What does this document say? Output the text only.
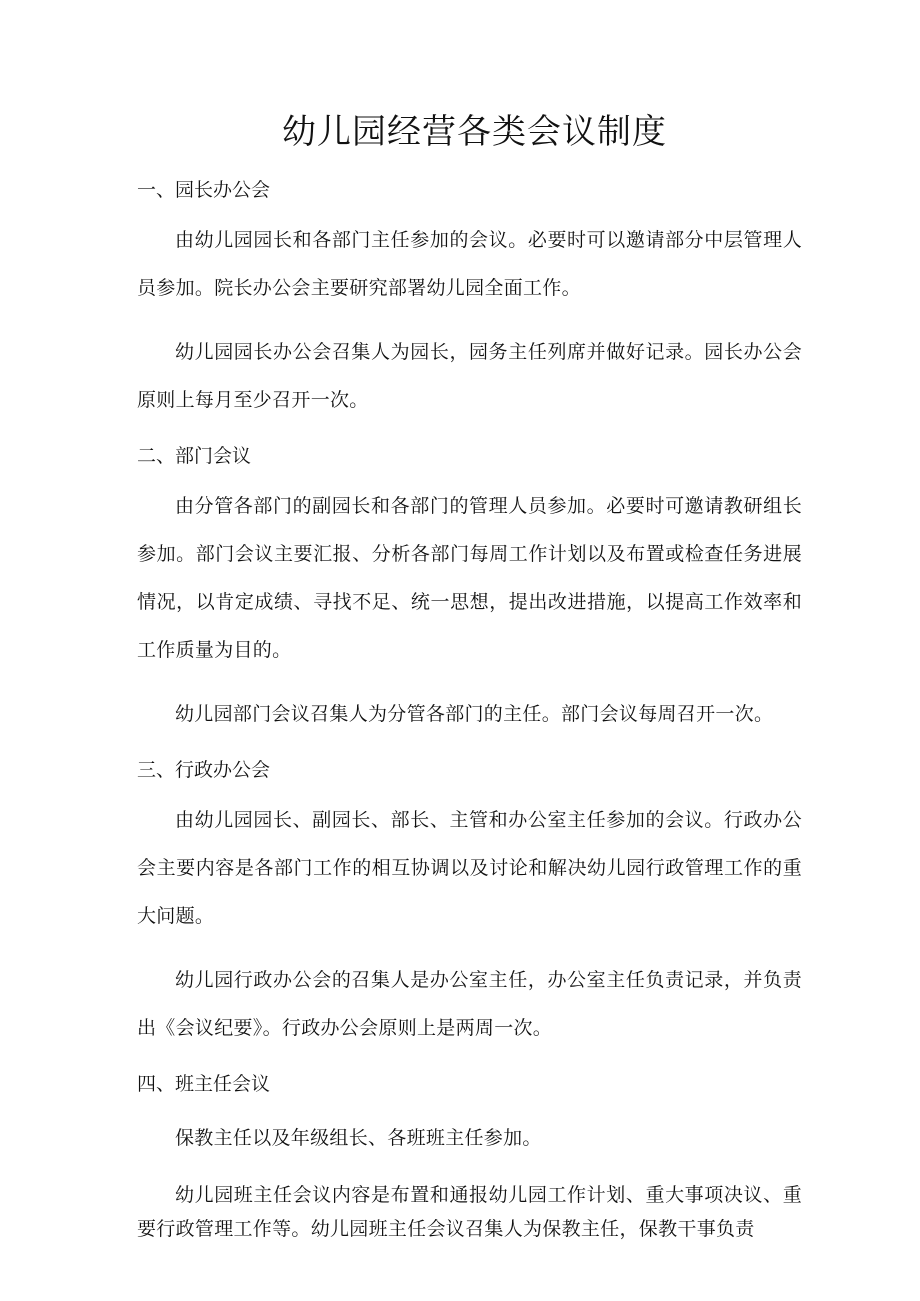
幼儿园经营各类会议制度
一、园长办公会

由幼儿园园长和各部门主任参加的会议。必要时可以邀请部分中层管理人员参加。院长办公会主要研究部署幼儿园全面工作。

幼儿园园长办公会召集人为园长，园务主任列席并做好记录。园长办公会原则上每月至少召开一次。

二、部门会议

由分管各部门的副园长和各部门的管理人员参加。必要时可邀请教研组长参加。部门会议主要汇报、分析各部门每周工作计划以及布置或检查任务进展情况，以肯定成绩、寻找不足、统一思想，提出改进措施，以提高工作效率和工作质量为目的。

幼儿园部门会议召集人为分管各部门的主任。部门会议每周召开一次。

三、行政办公会

由幼儿园园长、副园长、部长、主管和办公室主任参加的会议。行政办公会主要内容是各部门工作的相互协调以及讨论和解决幼儿园行政管理工作的重大问题。

幼儿园行政办公会的召集人是办公室主任，办公室主任负责记录，并负责出《会议纪要》。行政办公会原则上是两周一次。

四、班主任会议

保教主任以及年级组长、各班班主任参加。

幼儿园班主任会议内容是布置和通报幼儿园工作计划、重大事项决议、重要行政管理工作等。幼儿园班主任会议召集人为保教主任，保教干事负责
